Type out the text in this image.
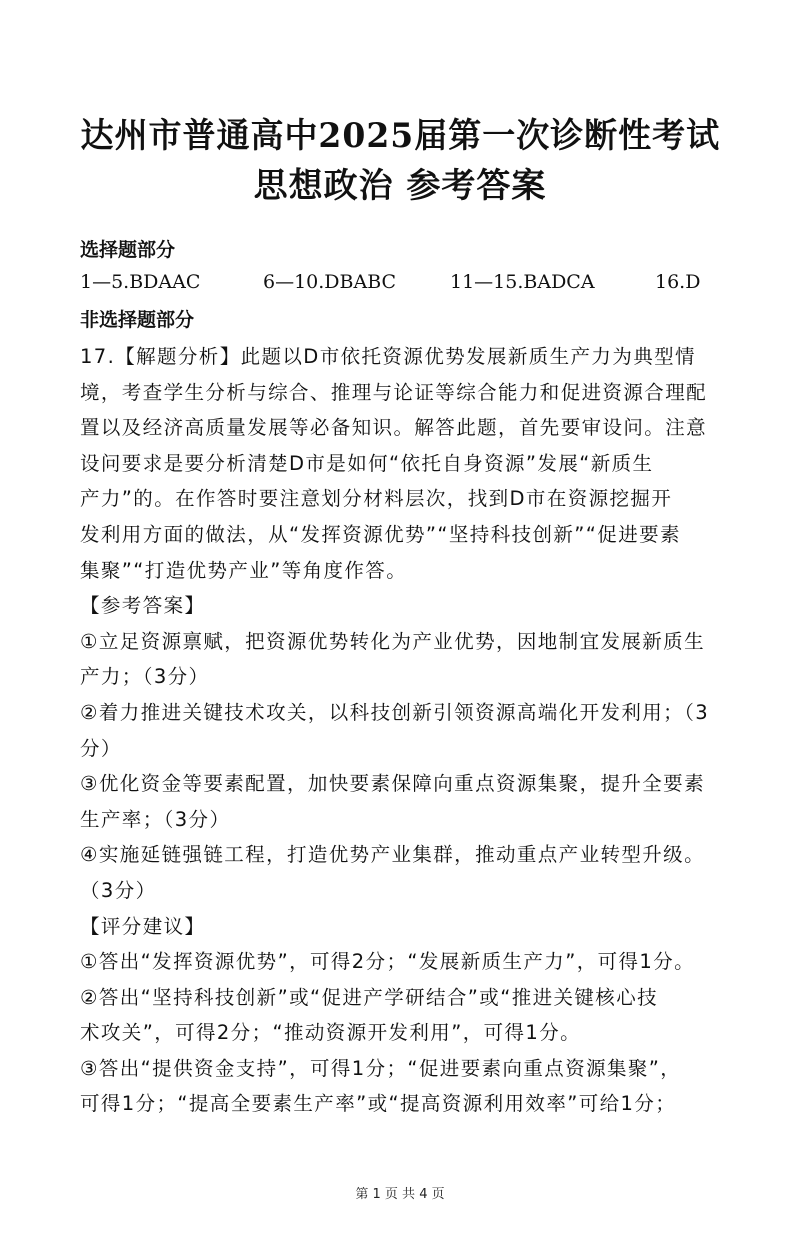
达州市普通高中2025届第一次诊断性考试
思想政治 参考答案
选择题部分
1—5.BDAAC	6—10.DBABC	11—15.BADCA	16.D
非选择题部分
17.【解题分析】此题以D市依托资源优势发展新质生产力为典型情
境，考查学生分析与综合、推理与论证等综合能力和促进资源合理配
置以及经济高质量发展等必备知识。解答此题，首先要审设问。注意
设问要求是要分析清楚D市是如何“依托自身资源”发展“新质生
产力”的。在作答时要注意划分材料层次，找到D市在资源挖掘开
发利用方面的做法，从“发挥资源优势”“坚持科技创新”“促进要素
集聚”“打造优势产业”等角度作答。
【参考答案】
①立足资源禀赋，把资源优势转化为产业优势，因地制宜发展新质生
产力；（3分）
②着力推进关键技术攻关，以科技创新引领资源高端化开发利用；（3
分）
③优化资金等要素配置，加快要素保障向重点资源集聚，提升全要素
生产率；（3分）
④实施延链强链工程，打造优势产业集群，推动重点产业转型升级。
（3分）
【评分建议】
①答出“发挥资源优势”，可得2分；“发展新质生产力”，可得1分。
②答出“坚持科技创新”或“促进产学研结合”或“推进关键核心技
术攻关”，可得2分；“推动资源开发利用”，可得1分。
③答出“提供资金支持”，可得1分；“促进要素向重点资源集聚”，
可得1分；“提高全要素生产率”或“提高资源利用效率”可给1分；
第 1 页 共 4 页
